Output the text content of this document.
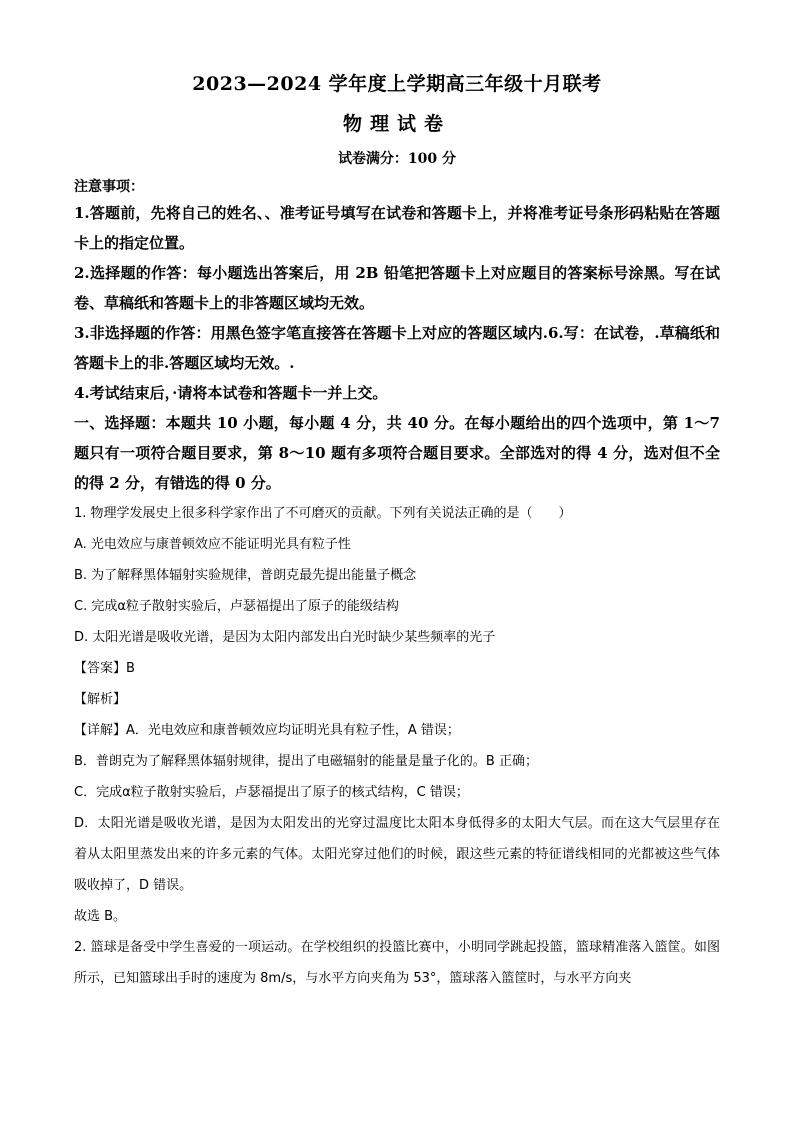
2023—2024 学年度上学期高三年级十月联考

物理试卷

试卷满分：100 分

注意事项：

1.答题前，先将自己的姓名、、准考证号填写在试卷和答题卡上，并将准考证号条形码粘贴在答题卡上的指定位置。

2.选择题的作答：每小题选出答案后，用 2B 铅笔把答题卡上对应题目的答案标号涂黑。写在试卷、草稿纸和答题卡上的非答题区域均无效。

3.非选择题的作答：用黑色签字笔直接答在答题卡上对应的答题区域内.6.写：在试卷，.草稿纸和答题卡上的非.答题区域均无效。.

4.考试结束后，·请将本试卷和答题卡一并上交。

一、选择题：本题共 10 小题，每小题 4 分，共 40 分。在每小题给出的四个选项中，第 1～7 题只有一项符合题目要求，第 8～10 题有多项符合题目要求。全部选对的得 4 分，选对但不全的得 2 分，有错选的得 0 分。

1. 物理学发展史上很多科学家作出了不可磨灭的贡献。下列有关说法正确的是（　　）

A. 光电效应与康普顿效应不能证明光具有粒子性

B. 为了解释黑体辐射实验规律，普朗克最先提出能量子概念

C. 完成α粒子散射实验后，卢瑟福提出了原子的能级结构

D. 太阳光谱是吸收光谱，是因为太阳内部发出白光时缺少某些频率的光子

【答案】B

【解析】

【详解】A．光电效应和康普顿效应均证明光具有粒子性，A 错误；

B．普朗克为了解释黑体辐射规律，提出了电磁辐射的能量是量子化的。B 正确；

C．完成α粒子散射实验后，卢瑟福提出了原子的核式结构，C 错误；

D．太阳光谱是吸收光谱，是因为太阳发出的光穿过温度比太阳本身低得多的太阳大气层。而在这大气层里存在着从太阳里蒸发出来的许多元素的气体。太阳光穿过他们的时候，跟这些元素的特征谱线相同的光都被这些气体吸收掉了，D 错误。

故选 B。

2. 篮球是备受中学生喜爱的一项运动。在学校组织的投篮比赛中，小明同学跳起投篮，篮球精准落入篮筐。如图所示，已知篮球出手时的速度为 8m/s，与水平方向夹角为 53°，篮球落入篮筐时，与水平方向夹
